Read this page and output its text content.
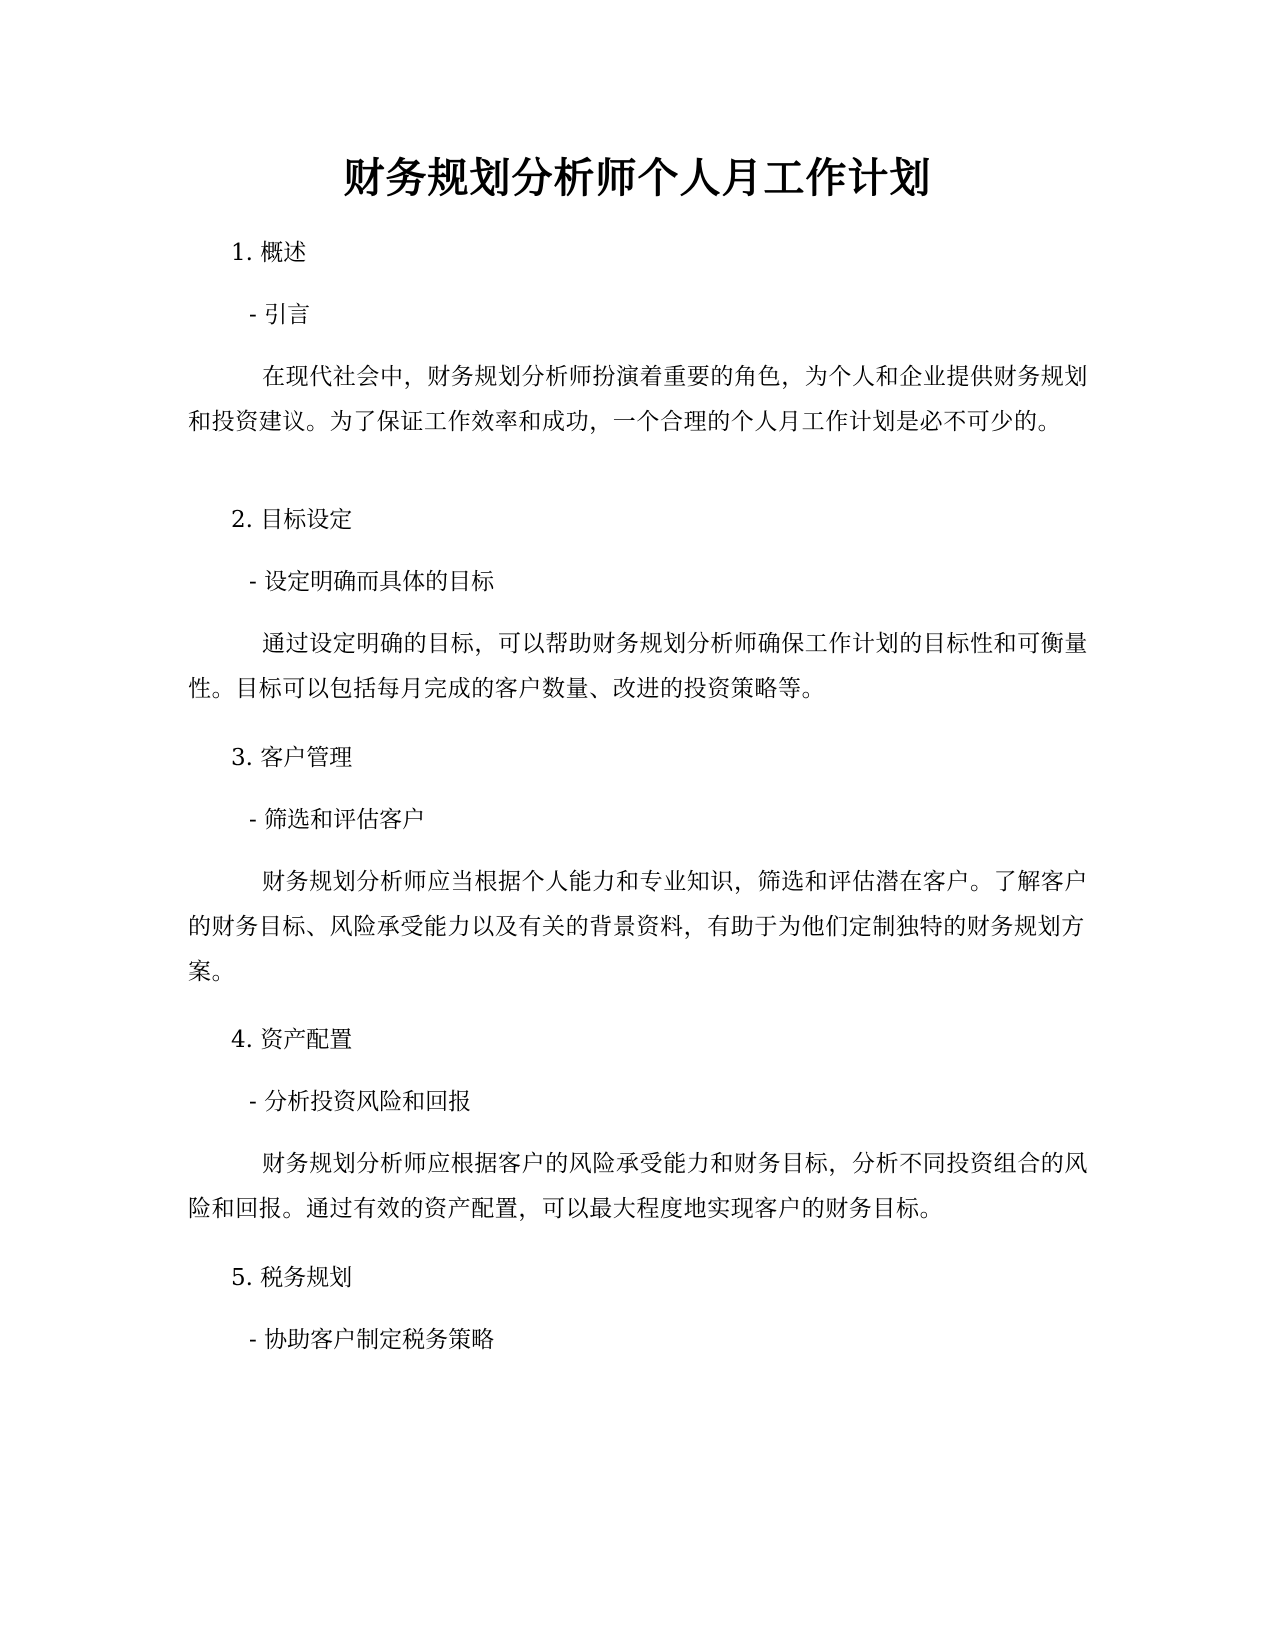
财务规划分析师个人月工作计划

1. 概述

- 引言

在现代社会中，财务规划分析师扮演着重要的角色，为个人和企业提供财务规划和投资建议。为了保证工作效率和成功，一个合理的个人月工作计划是必不可少的。

2. 目标设定

- 设定明确而具体的目标

通过设定明确的目标，可以帮助财务规划分析师确保工作计划的目标性和可衡量性。目标可以包括每月完成的客户数量、改进的投资策略等。

3. 客户管理

- 筛选和评估客户

财务规划分析师应当根据个人能力和专业知识，筛选和评估潜在客户。了解客户的财务目标、风险承受能力以及有关的背景资料，有助于为他们定制独特的财务规划方案。

4. 资产配置

- 分析投资风险和回报

财务规划分析师应根据客户的风险承受能力和财务目标，分析不同投资组合的风险和回报。通过有效的资产配置，可以最大程度地实现客户的财务目标。

5. 税务规划

- 协助客户制定税务策略
